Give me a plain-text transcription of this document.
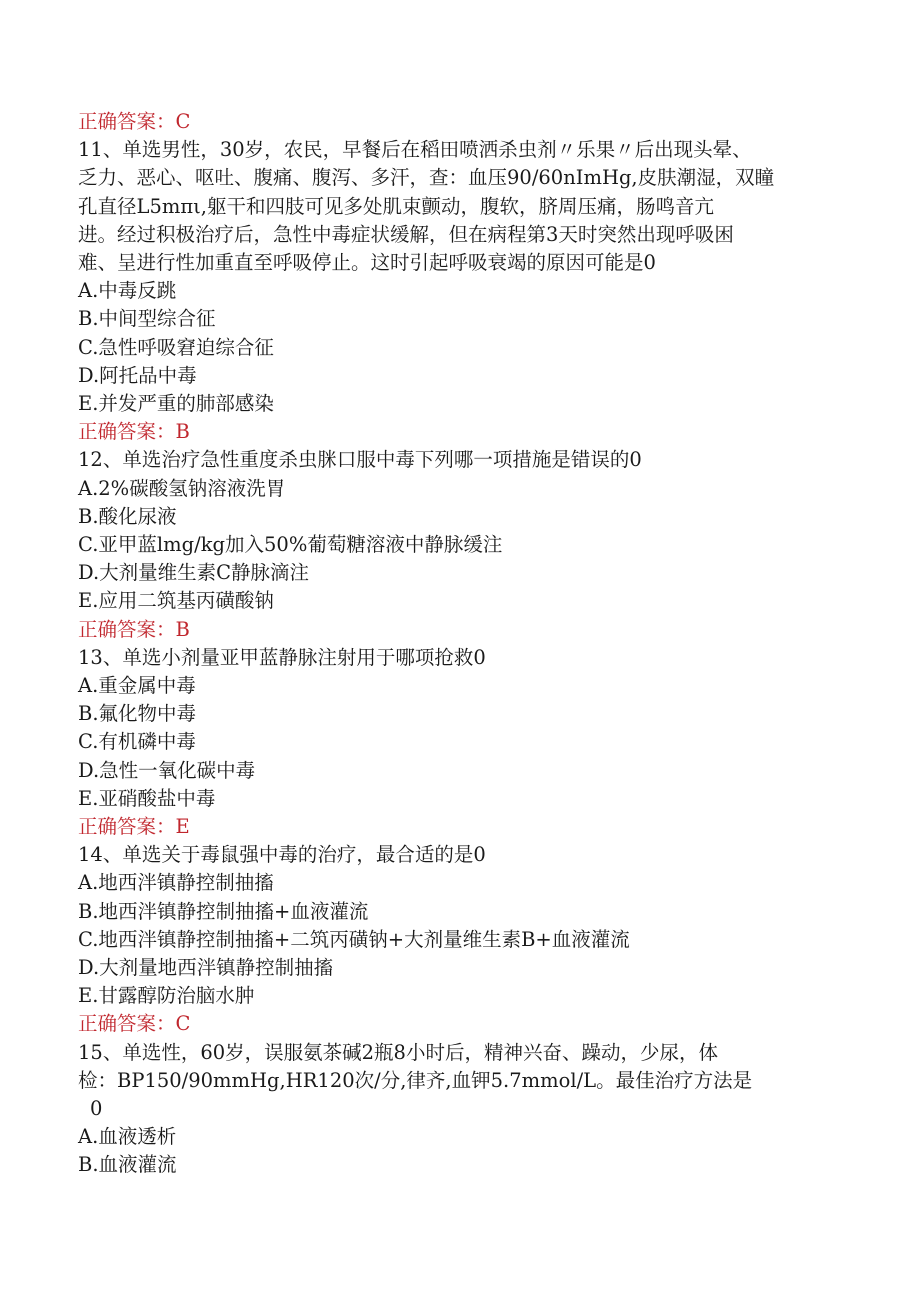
正确答案：C
11、单选男性，30岁，农民，早餐后在稻田喷洒杀虫剂〃乐果〃后出现头晕、
乏力、恶心、呕吐、腹痛、腹泻、多汗，查：血压90/60nImHg,皮肤潮湿，双瞳
孔直径L5mπι,躯干和四肢可见多处肌束颤动，腹软，脐周压痛，肠鸣音亢
进。经过积极治疗后，急性中毒症状缓解，但在病程第3天时突然出现呼吸困
难、呈进行性加重直至呼吸停止。这时引起呼吸衰竭的原因可能是0
A.中毒反跳
B.中间型综合征
C.急性呼吸窘迫综合征
D.阿托品中毒
E.并发严重的肺部感染
正确答案：B
12、单选治疗急性重度杀虫脒口服中毒下列哪一项措施是错误的0
A.2%碳酸氢钠溶液洗胃
B.酸化尿液
C.亚甲蓝lmg/kg加入50%葡萄糖溶液中静脉缓注
D.大剂量维生素C静脉滴注
E.应用二筑基丙磺酸钠
正确答案：B
13、单选小剂量亚甲蓝静脉注射用于哪项抢救0
A.重金属中毒
B.氟化物中毒
C.有机磷中毒
D.急性一氧化碳中毒
E.亚硝酸盐中毒
正确答案：E
14、单选关于毒鼠强中毒的治疗，最合适的是0
A.地西泮镇静控制抽搐
B.地西泮镇静控制抽搐+血液灌流
C.地西泮镇静控制抽搐+二筑丙磺钠+大剂量维生素B+血液灌流
D.大剂量地西泮镇静控制抽搐
E.甘露醇防治脑水肿
正确答案：C
15、单选性，60岁，误服氨茶碱2瓶8小时后，精神兴奋、躁动，少尿，体
检：BP150/90mmHg,HR120次/分,律齐,血钾5.7mmol/L。最佳治疗方法是
0
A.血液透析
B.血液灌流
